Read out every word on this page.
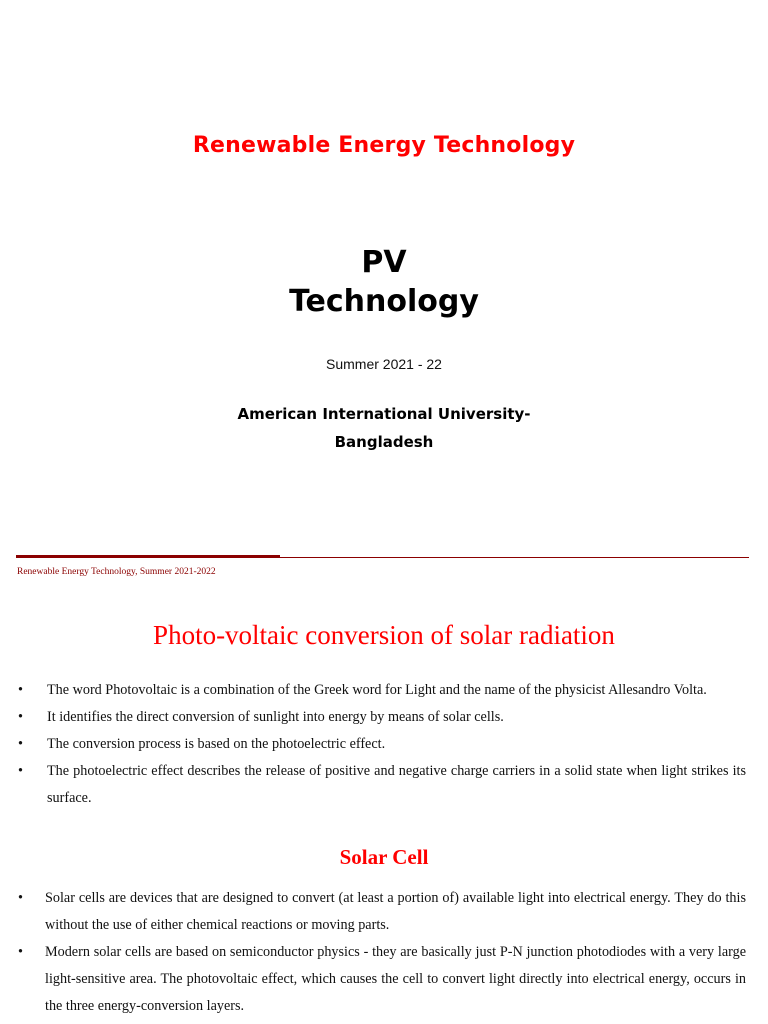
Renewable Energy Technology
PV
Technology
Summer 2021 - 22
American International University-
Bangladesh
Renewable Energy Technology, Summer 2021-2022
Photo-voltaic conversion of solar radiation
• The word Photovoltaic is a combination of the Greek word for Light and the name of the physicist Allesandro Volta.
• It identifies the direct conversion of sunlight into energy by means of solar cells.
• The conversion process is based on the photoelectric effect.
• The photoelectric effect describes the release of positive and negative charge carriers in a solid state when light strikes its surface.
Solar Cell
• Solar cells are devices that are designed to convert (at least a portion of) available light into electrical energy. They do this without the use of either chemical reactions or moving parts.
• Modern solar cells are based on semiconductor physics - they are basically just P-N junction photodiodes with a very large light-sensitive area. The photovoltaic effect, which causes the cell to convert light directly into electrical energy, occurs in the three energy-conversion layers.
